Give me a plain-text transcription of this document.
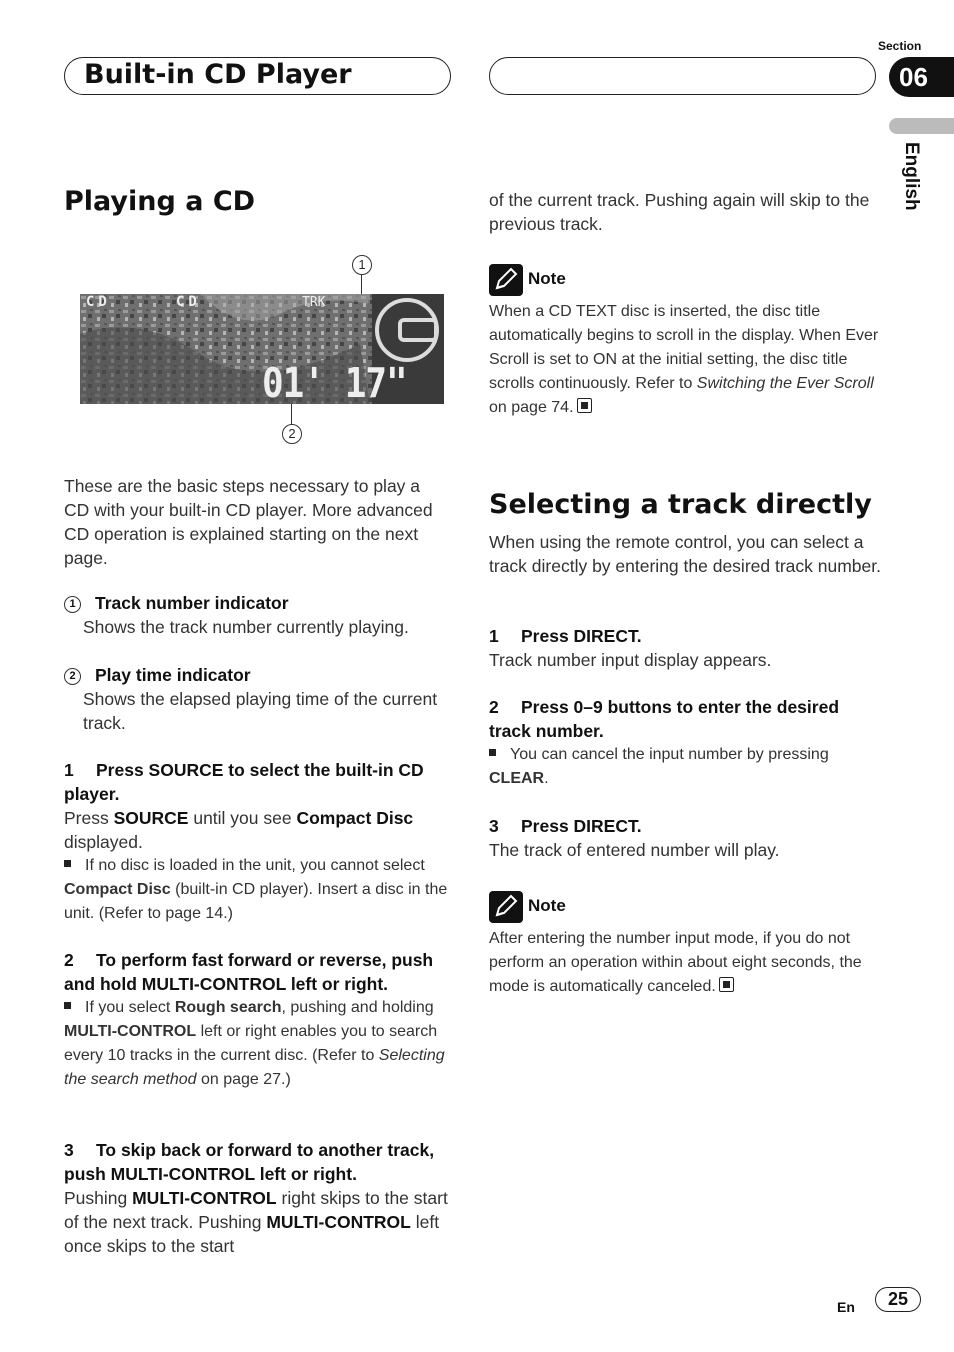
Built-in CD Player
Section
06
English
Playing a CD
1
CD	CD	TRK
01' 17"
2
These are the basic steps necessary to play a CD with your built-in CD player. More advanced CD operation is explained starting on the next page.
1 Track number indicator
Shows the track number currently playing.
2 Play time indicator
Shows the elapsed playing time of the current track.
1 Press SOURCE to select the built-in CD player.
Press SOURCE until you see Compact Disc displayed.
If no disc is loaded in the unit, you cannot select Compact Disc (built-in CD player). Insert a disc in the unit. (Refer to page 14.)
2 To perform fast forward or reverse, push and hold MULTI-CONTROL left or right.
If you select Rough search, pushing and holding MULTI-CONTROL left or right enables you to search every 10 tracks in the current disc. (Refer to Selecting the search method on page 27.)
3 To skip back or forward to another track, push MULTI-CONTROL left or right.
Pushing MULTI-CONTROL right skips to the start of the next track. Pushing MULTI-CONTROL left once skips to the start
of the current track. Pushing again will skip to the previous track.
Note
When a CD TEXT disc is inserted, the disc title automatically begins to scroll in the display. When Ever Scroll is set to ON at the initial setting, the disc title scrolls continuously. Refer to Switching the Ever Scroll on page 74.
Selecting a track directly
When using the remote control, you can select a track directly by entering the desired track number.
1 Press DIRECT.
Track number input display appears.
2 Press 0–9 buttons to enter the desired track number.
You can cancel the input number by pressing CLEAR.
3 Press DIRECT.
The track of entered number will play.
Note
After entering the number input mode, if you do not perform an operation within about eight seconds, the mode is automatically canceled.
En	25
